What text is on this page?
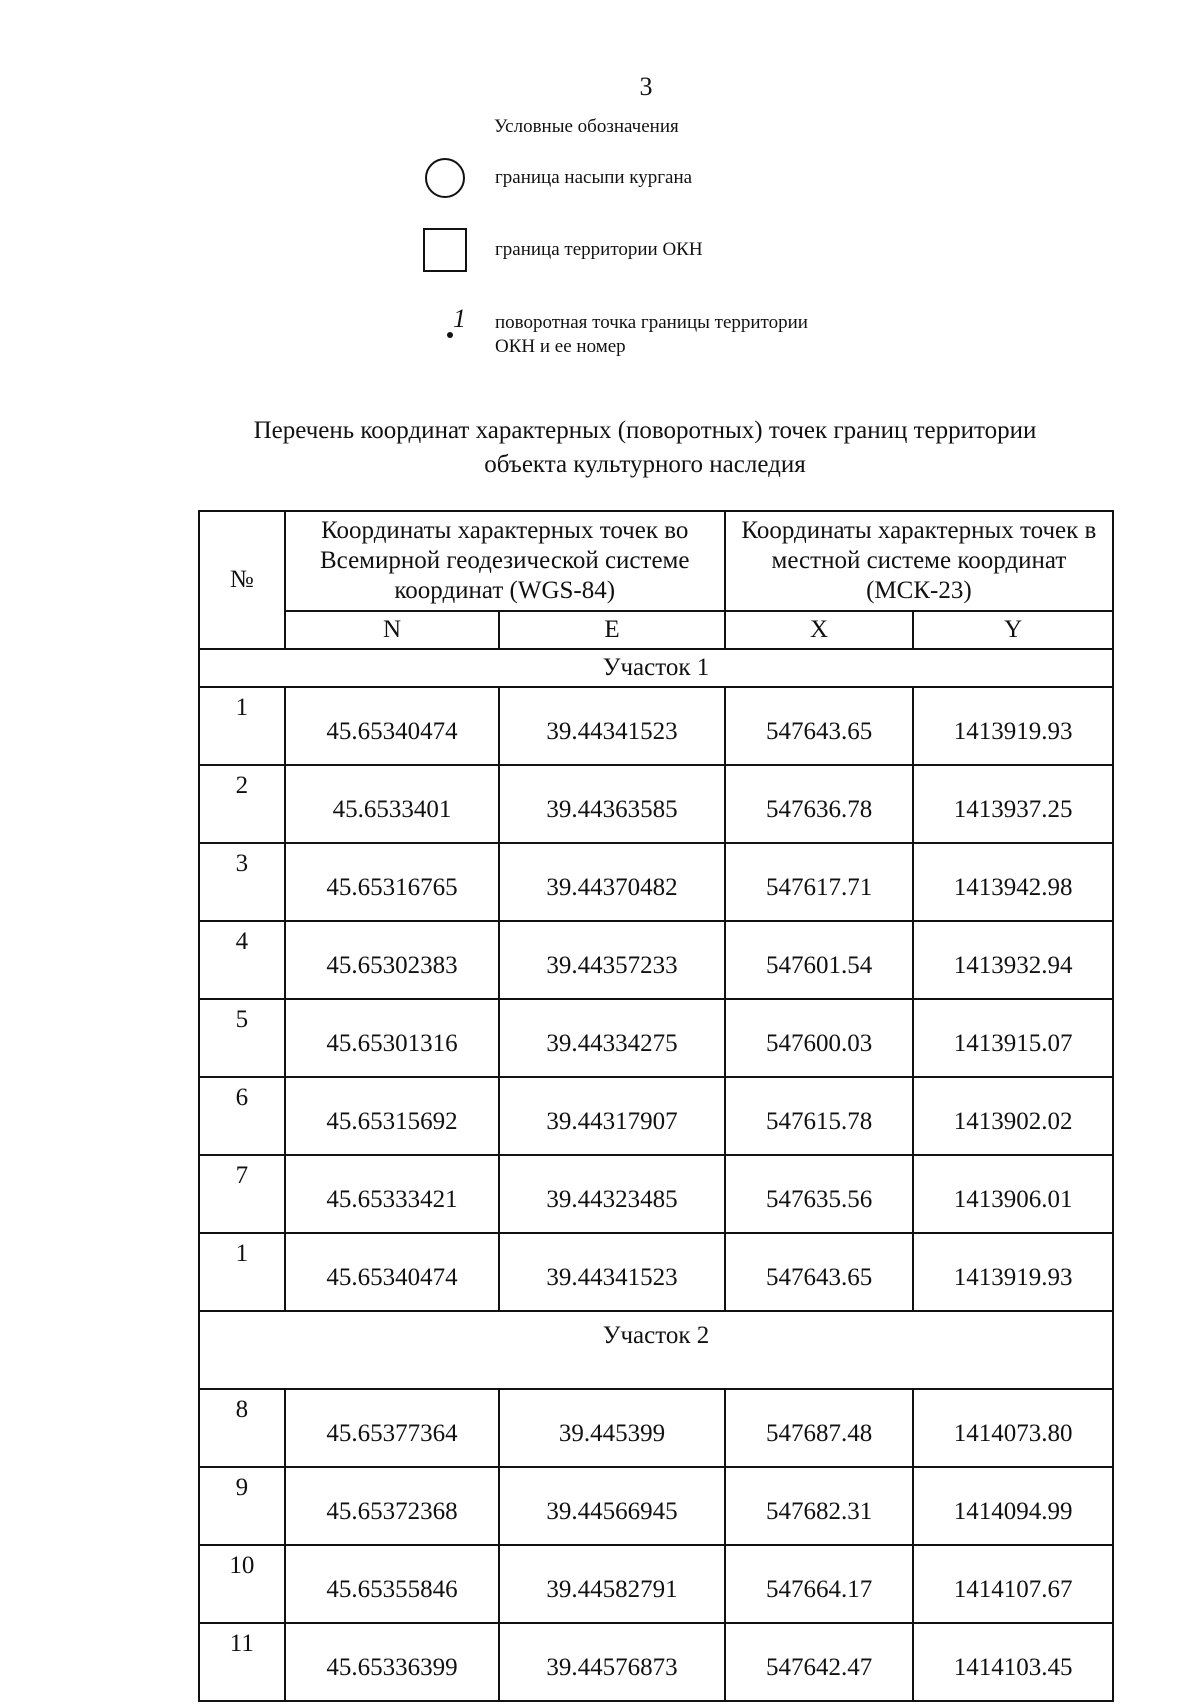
3
Условные обозначения
граница насыпи кургана
граница территории ОКН
1 поворотная точка границы территории
ОКН и ее номер
Перечень координат характерных (поворотных) точек границ территории
объекта культурного наследия
№	Координаты характерных точек во Всемирной геодезической системе координат (WGS-84)		Координаты характерных точек в местной системе координат (МСК-23)	
	N	E	X	Y
Участок 1				
1	45.65340474	39.44341523	547643.65	1413919.93
2	45.6533401	39.44363585	547636.78	1413937.25
3	45.65316765	39.44370482	547617.71	1413942.98
4	45.65302383	39.44357233	547601.54	1413932.94
5	45.65301316	39.44334275	547600.03	1413915.07
6	45.65315692	39.44317907	547615.78	1413902.02
7	45.65333421	39.44323485	547635.56	1413906.01
1	45.65340474	39.44341523	547643.65	1413919.93
Участок 2				
8	45.65377364	39.445399	547687.48	1414073.80
9	45.65372368	39.44566945	547682.31	1414094.99
10	45.65355846	39.44582791	547664.17	1414107.67
11	45.65336399	39.44576873	547642.47	1414103.45
